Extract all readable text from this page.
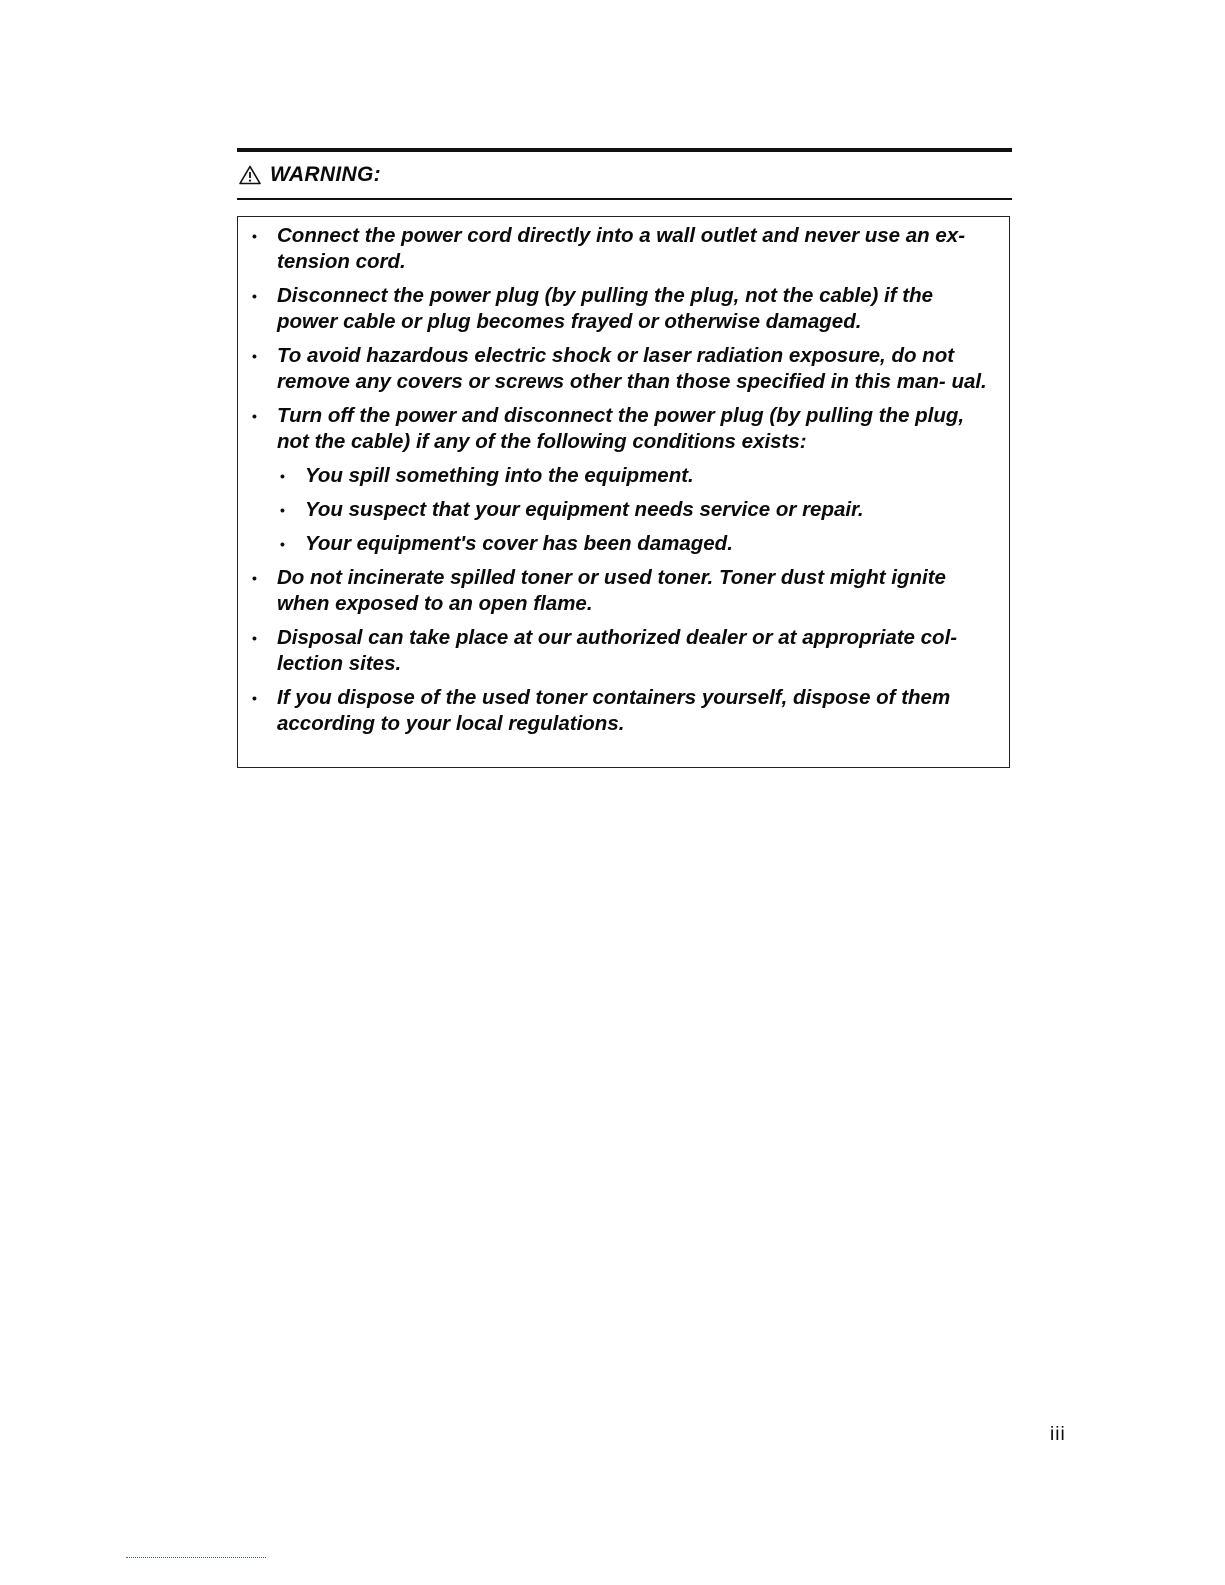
WARNING:
• Connect the power cord directly into a wall outlet and never use an ex- tension cord.
• Disconnect the power plug (by pulling the plug, not the cable) if the power cable or plug becomes frayed or otherwise damaged.
• To avoid hazardous electric shock or laser radiation exposure, do not remove any covers or screws other than those specified in this man- ual.
• Turn off the power and disconnect the power plug (by pulling the plug, not the cable) if any of the following conditions exists:
• You spill something into the equipment.
• You suspect that your equipment needs service or repair.
• Your equipment's cover has been damaged.
• Do not incinerate spilled toner or used toner. Toner dust might ignite when exposed to an open flame.
• Disposal can take place at our authorized dealer or at appropriate col- lection sites.
• If you dispose of the used toner containers yourself, dispose of them according to your local regulations.
iii
